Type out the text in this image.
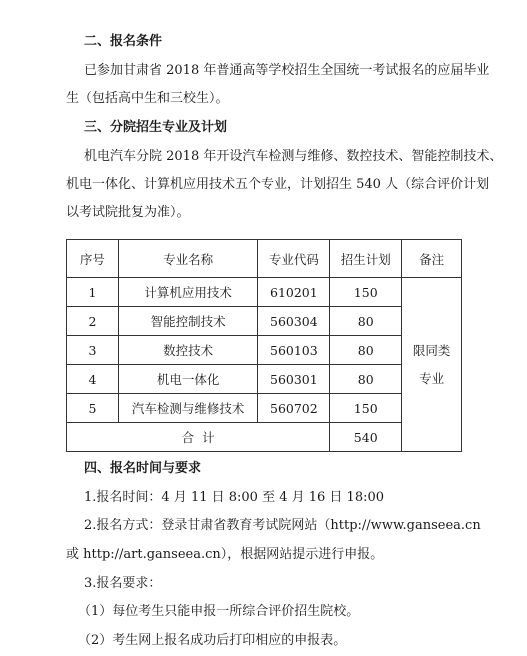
二、报名条件
已参加甘肃省 2018 年普通高等学校招生全国统一考试报名的应届毕业
生（包括高中生和三校生）。
三、分院招生专业及计划
机电汽车分院 2018 年开设汽车检测与维修、数控技术、智能控制技术、
机电一体化、计算机应用技术五个专业，计划招生 540 人（综合评价计划
以考试院批复为准）。
序号	专业名称	专业代码	招生计划	备注
1	计算机应用技术	610201	150	限同类
专业

2	智能控制技术	560304	80	
3	数控技术	560103	80	
4	机电一体化	560301	80	
5	汽车检测与维修技术	560702	150	
合  计			540	
四、报名时间与要求
1.报名时间：4 月 11 日 8:00 至 4 月 16 日 18:00
2.报名方式：登录甘肃省教育考试院网站（http://www.ganseea.cn
或 http://art.ganseea.cn），根据网站提示进行申报。
3.报名要求：
（1）每位考生只能申报一所综合评价招生院校。
（2）考生网上报名成功后打印相应的申报表。
